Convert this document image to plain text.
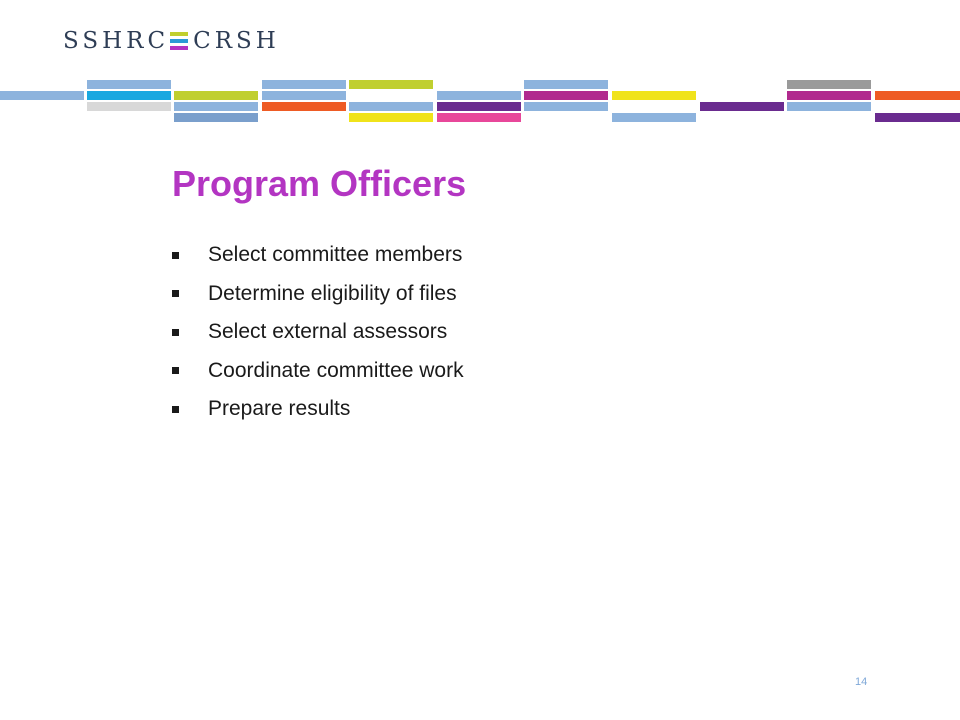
SSHRC CRSH
Program Officers
Select committee members
Determine eligibility of files
Select external assessors
Coordinate committee work
Prepare results
14
